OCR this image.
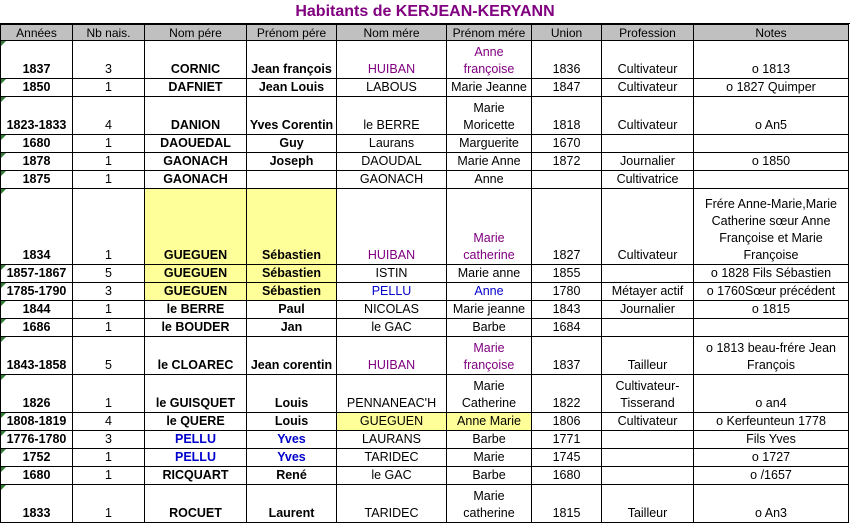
Habitants de KERJEAN-KERYANN
Années	Nb nais.	Nom pére	Prénom pére	Nom mére	Prénom mére	Union	Profession	Notes
1837	3	CORNIC	Jean françois	HUIBAN	Anne françoise	1836	Cultivateur	o 1813
1850	1	DAFNIET	Jean Louis	LABOUS	Marie Jeanne	1847	Cultivateur	o 1827 Quimper
1823-1833	4	DANION	Yves Corentin	le BERRE	Marie Moricette	1818	Cultivateur	o An5
1680	1	DAOUEDAL	Guy	Laurans	Marguerite	1670		
1878	1	GAONACH	Joseph	DAOUDAL	Marie Anne	1872	Journalier	o 1850
1875	1	GAONACH		GAONACH	Anne		Cultivatrice	
1834	1	GUEGUEN	Sébastien	HUIBAN	Marie catherine	1827	Cultivateur	Frére Anne-Marie,Marie Catherine sœur Anne Françoise et Marie Françoise
1857-1867	5	GUEGUEN	Sébastien	ISTIN	Marie anne	1855		o 1828 Fils Sébastien
1785-1790	3	GUEGUEN	Sébastien	PELLU	Anne	1780	Métayer actif	o 1760Sœur précédent
1844	1	le BERRE	Paul	NICOLAS	Marie jeanne	1843	Journalier	o 1815
1686	1	le BOUDER	Jan	le GAC	Barbe	1684		
1843-1858	5	le CLOAREC	Jean corentin	HUIBAN	Marie françoise	1837	Tailleur	o 1813 beau-frére Jean François
1826	1	le GUISQUET	Louis	PENNANEAC'H	Marie Catherine	1822	Cultivateur-Tisserand	o an4
1808-1819	4	le QUERE	Louis	GUEGUEN	Anne Marie	1806	Cultivateur	o Kerfeunteun 1778
1776-1780	3	PELLU	Yves	LAURANS	Barbe	1771		Fils Yves
1752	1	PELLU	Yves	TARIDEC	Marie	1745		o 1727
1680	1	RICQUART	René	le GAC	Barbe	1680		o /1657
1833	1	ROCUET	Laurent	TARIDEC	Marie catherine	1815	Tailleur	o An3
